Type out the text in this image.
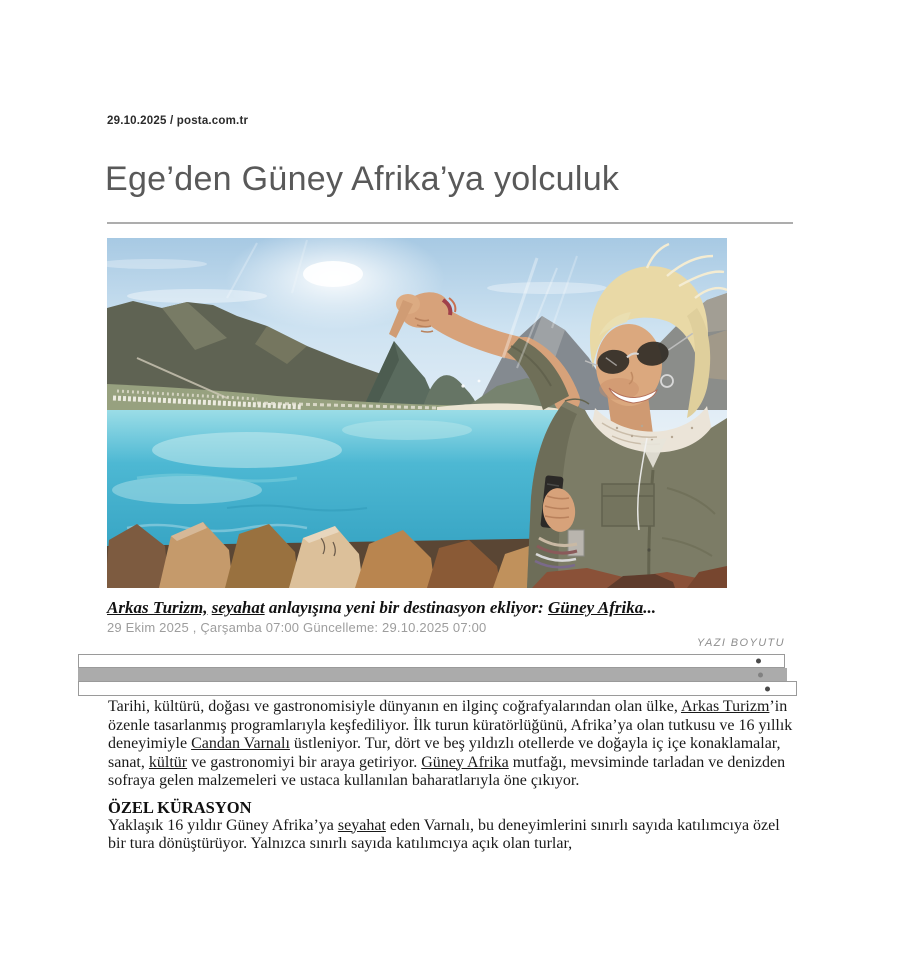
29.10.2025 / posta.com.tr
Ege’den Güney Afrika’ya yolculuk
Arkas Turizm, seyahat anlayışına yeni bir destinasyon ekliyor: Güney Afrika...
29 Ekim 2025 , Çarşamba 07:00 Güncelleme: 29.10.2025 07:00
YAZI BOYUTU

Tarihi, kültürü, doğası ve gastronomisiyle dünyanın en ilginç coğrafyalarından olan ülke, Arkas Turizm’in özenle tasarlanmış programlarıyla keşfediliyor. İlk turun küratörlüğünü, Afrika’ya olan tutkusu ve 16 yıllık deneyimiyle Candan Varnalı üstleniyor. Tur, dört ve beş yıldızlı otellerde ve doğayla iç içe konaklamalar, sanat, kültür ve gastronomiyi bir araya getiriyor. Güney Afrika mutfağı, mevsiminde tarladan ve denizden sofraya gelen malzemeleri ve ustaca kullanılan baharatlarıyla öne çıkıyor.

ÖZEL KÜRASYON

Yaklaşık 16 yıldır Güney Afrika’ya seyahat eden Varnalı, bu deneyimlerini sınırlı sayıda katılımcıya özel bir tura dönüştürüyor. Yalnızca sınırlı sayıda katılımcıya açık olan turlar,
